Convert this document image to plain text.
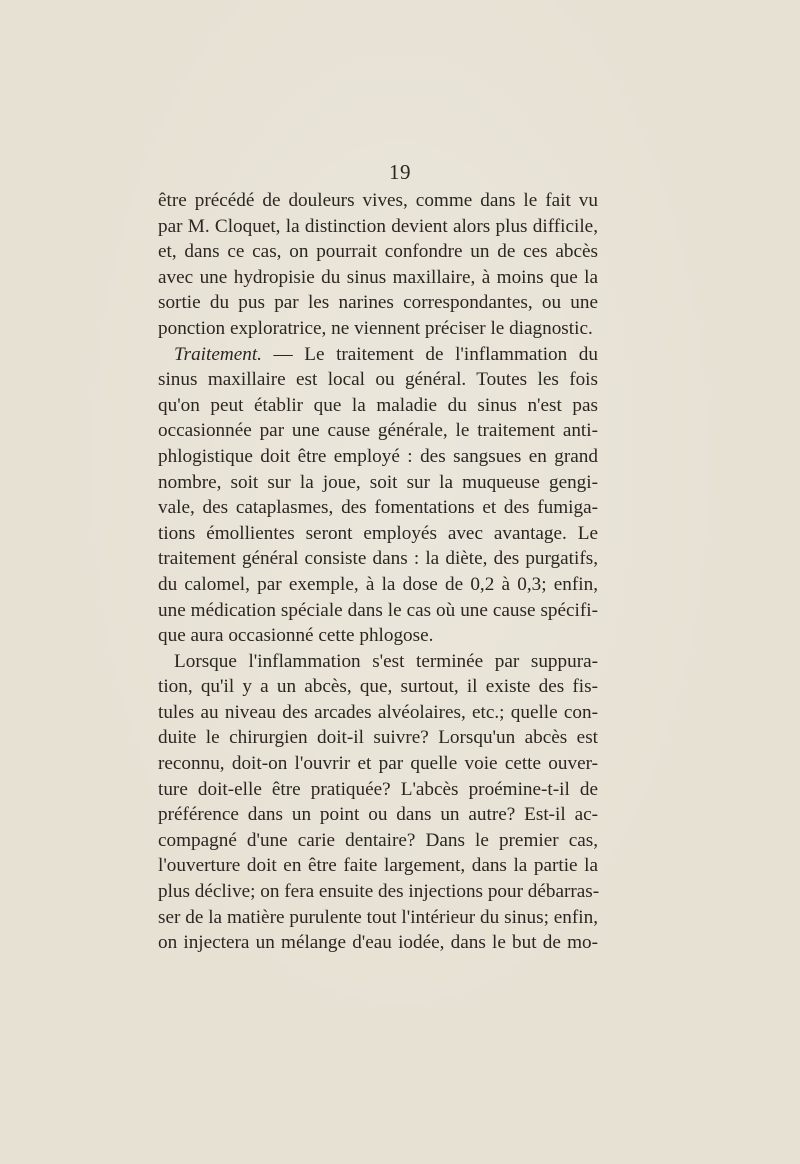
19
être précédé de douleurs vives, comme dans le fait vu
par M. Cloquet, la distinction devient alors plus difficile,
et, dans ce cas, on pourrait confondre un de ces abcès
avec une hydropisie du sinus maxillaire, à moins que la
sortie du pus par les narines correspondantes, ou une
ponction exploratrice, ne viennent préciser le diagnostic.
Traitement. — Le traitement de l'inflammation du
sinus maxillaire est local ou général. Toutes les fois
qu'on peut établir que la maladie du sinus n'est pas
occasionnée par une cause générale, le traitement anti-
phlogistique doit être employé : des sangsues en grand
nombre, soit sur la joue, soit sur la muqueuse gengi-
vale, des cataplasmes, des fomentations et des fumiga-
tions émollientes seront employés avec avantage. Le
traitement général consiste dans : la diète, des purgatifs,
du calomel, par exemple, à la dose de 0,2 à 0,3; enfin,
une médication spéciale dans le cas où une cause spécifi-
que aura occasionné cette phlogose.
Lorsque l'inflammation s'est terminée par suppura-
tion, qu'il y a un abcès, que, surtout, il existe des fis-
tules au niveau des arcades alvéolaires, etc.; quelle con-
duite le chirurgien doit-il suivre? Lorsqu'un abcès est
reconnu, doit-on l'ouvrir et par quelle voie cette ouver-
ture doit-elle être pratiquée? L'abcès proémine-t-il de
préférence dans un point ou dans un autre? Est-il ac-
compagné d'une carie dentaire? Dans le premier cas,
l'ouverture doit en être faite largement, dans la partie la
plus déclive; on fera ensuite des injections pour débarras-
ser de la matière purulente tout l'intérieur du sinus; enfin,
on injectera un mélange d'eau iodée, dans le but de mo-
